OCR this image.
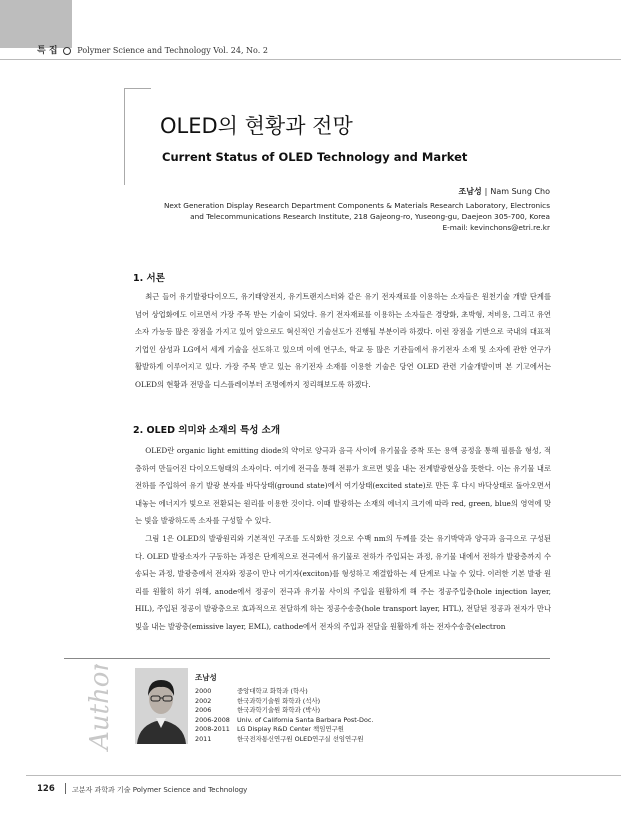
특 집 Polymer Science and Technology Vol. 24, No. 2
OLED의 현황과 전망
Current Status of OLED Technology and Market
조남성 | Nam Sung Cho
Next Generation Display Research Department Components & Materials Research Laboratory, Electronics
and Telecommunications Research Institute, 218 Gajeong-ro, Yuseong-gu, Daejeon 305-700, Korea
E-mail: kevinchons@etri.re.kr
1. 서론

최근 들어 유기발광다이오드, 유기태양전지, 유기트랜지스터와 같은 유기 전자재료를 이용하는 소자들은 원천기술 개발 단계를 넘어 상업화에도 이르면서 가장 주목 받는 기술이 되었다. 유기 전자재료를 이용하는 소자들은 경량화, 초박형, 저비용, 그리고 유연소자 가능등 많은 장점을 가지고 있어 앞으로도 혁신적인 기술선도가 진행될 부분이라 하겠다. 이런 장점을 기반으로 국내의 대표적 기업인 삼성과 LG에서 세계 기술을 선도하고 있으며 이에 연구소, 학교 등 많은 기관들에서 유기전자 소재 및 소자에 관한 연구가 활발하게 이루어지고 있다. 가장 주목 받고 있는 유기전자 소재를 이용한 기술은 당연 OLED 관련 기술개발이며 본 기고에서는 OLED의 현황과 전망을 디스플레이부터 조명에까지 정리해보도록 하겠다.

2. OLED 의미와 소재의 특성 소개

OLED란 organic light emitting diode의 약어로 양극과 음극 사이에 유기물을 증착 또는 용액 공정을 통해 필름을 형성, 적층하여 만들어진 다이오드형태의 소자이다. 여기에 전극을 통해 전류가 흐르면 빛을 내는 전계발광현상을 뜻한다. 이는 유기물 내로 전하를 주입하여 유기 발광 분자를 바닥상태(ground state)에서 여기상태(excited state)로 만든 후 다시 바닥상태로 돌아오면서 내놓는 에너지가 빛으로 전환되는 원리를 이용한 것이다. 이때 발광하는 소재의 에너지 크기에 따라 red, green, blue의 영역에 맞는 빛을 발광하도록 소자를 구성할 수 있다.

그림 1은 OLED의 발광원리와 기본적인 구조를 도식화한 것으로 수백 nm의 두께를 갖는 유기박막과 양극과 음극으로 구성된다. OLED 발광소자가 구동하는 과정은 단계적으로 전극에서 유기물로 전하가 주입되는 과정, 유기물 내에서 전하가 발광층까지 수송되는 과정, 발광층에서 전자와 정공이 만나 여기자(exciton)를 형성하고 재결합하는 세 단계로 나눌 수 있다. 이러한 기본 발광 원리를 원활히 하기 위해, anode에서 정공이 전극과 유기물 사이의 주입을 원활하게 해 주는 정공주입층(hole injection layer, HIL), 주입된 정공이 발광층으로 효과적으로 전달하게 하는 정공수송층(hole transport layer, HTL), 전달된 정공과 전자가 만나 빛을 내는 발광층(emissive layer, EML), cathode에서 전자의 주입과 전달을 원활하게 하는 전자수송층(electron

Author	조남성
2000	중앙대학교 화학과 (학사)
2002	한국과학기술원 화학과 (석사)
2006	한국과학기술원 화학과 (박사)
2006-2008	Univ. of California Santa Barbara Post-Doc.
2008-2011	LG Display R&D Center 책임연구원
2011	한국전자통신연구원 OLED연구실 선임연구원
126 고분자 과학과 기술 Polymer Science and Technology
